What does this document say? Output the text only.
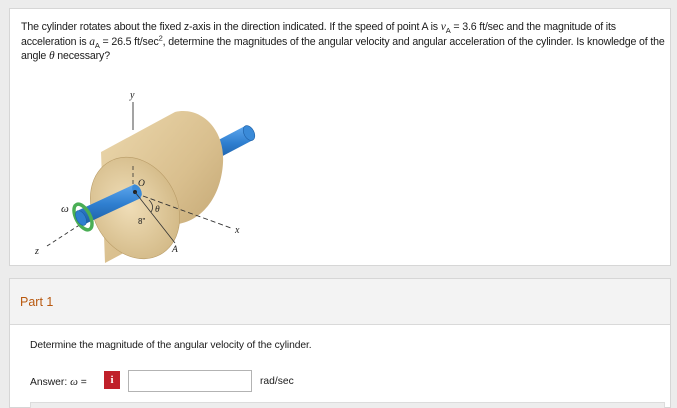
The cylinder rotates about the fixed z-axis in the direction indicated. If the speed of point A is $v_A = 3.6$ ft/sec and the magnitude of its acceleration is $a_A = 26.5$ $ft/\sec^2$, determine the magnitudes of the angular velocity and angular acceleration of the cylinder. Is knowledge of the angle θ necessary?

y
z
x
O
θ
8"
A
ω
Part 1
Determine the magnitude of the angular velocity of the cylinder.
Answer: ω =	i	rad/sec
